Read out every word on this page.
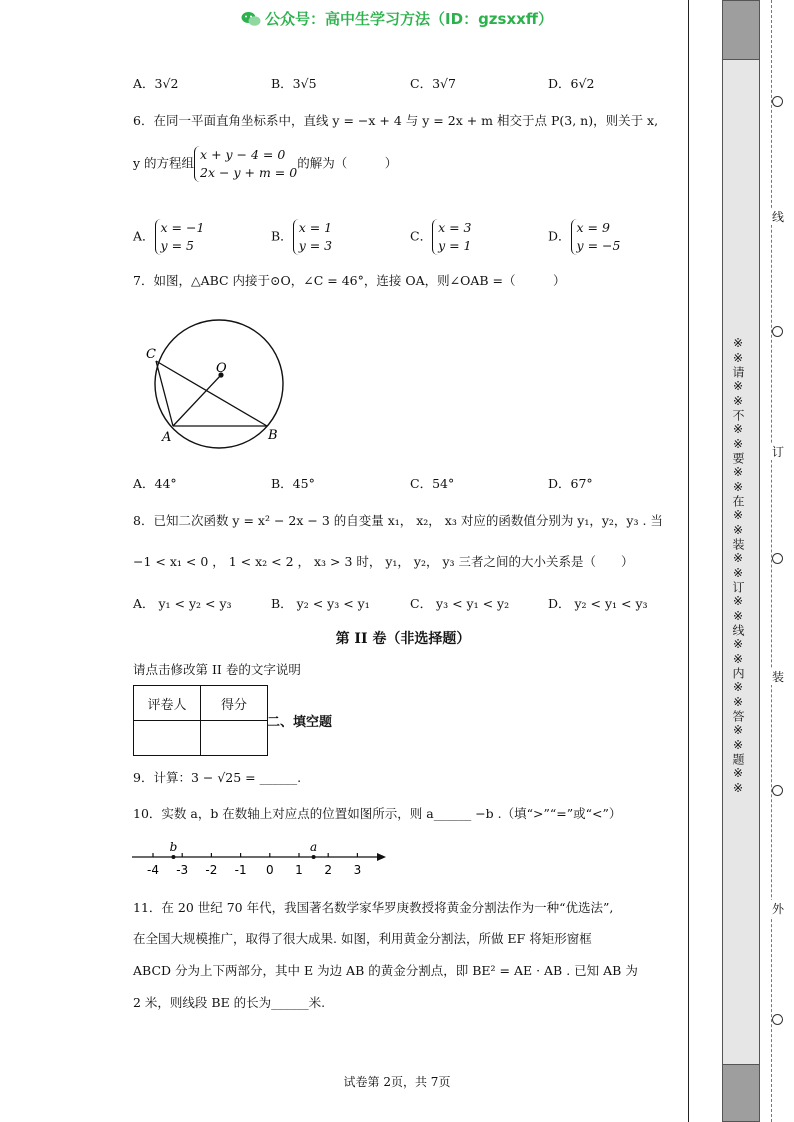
公众号：高中生学习方法（ID：gzsxxff）
A．3√2	B．3√5	C．3√7	D．6√2
6．在同一平面直角坐标系中，直线 y = −x + 4 与 y = 2x + m 相交于点 P(3, n)，则关于 x,
y 的方程组x + y − 4 = 0
2x − y + m = 0的解为（　　　）
A．x = −1
y = 5
B．x = 1
y = 3
C．x = 3
y = 1
D．x = 9
y = −5
7．如图，△ABC 内接于⊙O，∠C = 46°，连接 OA，则∠OAB =（　　　）
C
O
A	B
A．44°	B．45°	C．54°	D．67°
8．已知二次函数 y = x² − 2x − 3 的自变量 x₁， x₂， x₃ 对应的函数值分别为 y₁，y₂，y₃ . 当
−1 < x₁ < 0 ， 1 < x₂ < 2 ， x₃ > 3 时， y₁， y₂， y₃ 三者之间的大小关系是（　　）
A． y₁ < y₂ < y₃	B． y₂ < y₃ < y₁	C． y₃ < y₁ < y₂	D． y₂ < y₁ < y₃
第 II 卷（非选择题）
请点击修改第 II 卷的文字说明
评卷人	得分

二、填空题
9．计算：3 − √25 = ______.
10．实数 a，b 在数轴上对应点的位置如图所示，则 a______ −b .（填“>”“=”或“<”）
-4 -3 -2 -1 0 1 2 3
b	a
11．在 20 世纪 70 年代，我国著名数学家华罗庚教授将黄金分割法作为一种“优选法”,
在全国大规模推广，取得了很大成果. 如图，利用黄金分割法，所做 EF 将矩形窗框
ABCD 分为上下两部分，其中 E 为边 AB 的黄金分割点，即 BE² = AE · AB . 已知 AB 为
2 米，则线段 BE 的长为______米.
试卷第 2页，共 7页
※※请※※不※※要※※在※※装※※订※※线※※内※※答※※题※※
线
订
装
外
